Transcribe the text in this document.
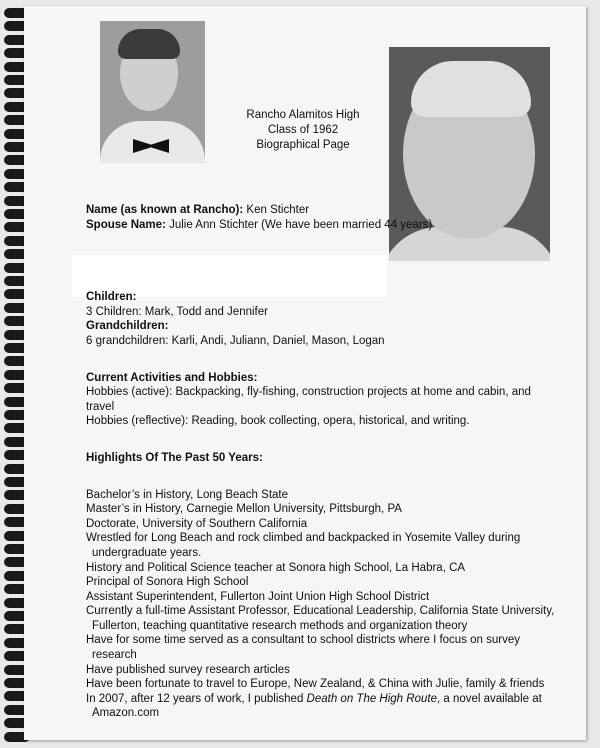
Rancho Alamitos High
Class of 1962
Biographical Page

Name (as known at Rancho): Ken Stichter

Spouse Name: Julie Ann Stichter (We have been married 44 years)

Children:

3 Children: Mark, Todd and Jennifer

Grandchildren:

6 grandchildren: Karli, Andi, Juliann, Daniel, Mason, Logan

Current Activities and Hobbies:

Hobbies (active): Backpacking, fly-fishing, construction projects at home and cabin, and travel

Hobbies (reflective): Reading, book collecting, opera, historical, and writing.

Highlights Of The Past 50 Years:

Bachelor’s in History, Long Beach State

Master’s in History, Carnegie Mellon University, Pittsburgh, PA

Doctorate, University of Southern California

Wrestled for Long Beach and rock climbed and backpacked in Yosemite Valley during undergraduate years.

History and Political Science teacher at Sonora high School, La Habra, CA

Principal of Sonora High School

Assistant Superintendent, Fullerton Joint Union High School District

Currently a full-time Assistant Professor, Educational Leadership, California State University, Fullerton, teaching quantitative research methods and organization theory

Have for some time served as a consultant to school districts where I focus on survey research

Have published survey research articles

Have been fortunate to travel to Europe, New Zealand, & China with Julie, family & friends

In 2007, after 12 years of work, I published Death on The High Route, a novel available at Amazon.com
